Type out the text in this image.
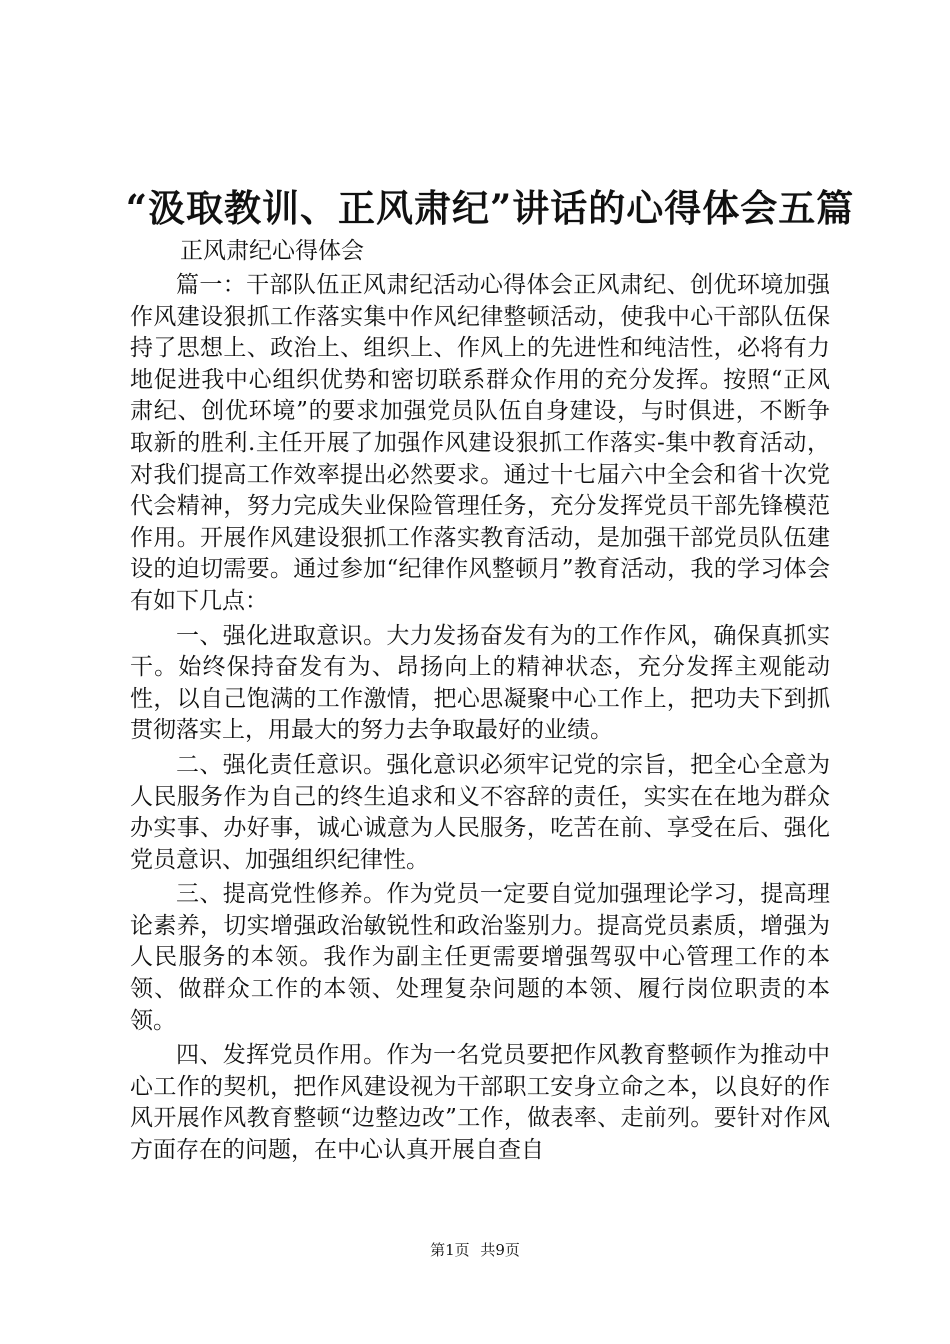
“汲取教训、正风肃纪”讲话的心得体会五篇

正风肃纪心得体会

篇一：干部队伍正风肃纪活动心得体会正风肃纪、创优环境加强作风建设狠抓工作落实集中作风纪律整顿活动，使我中心干部队伍保持了思想上、政治上、组织上、作风上的先进性和纯洁性，必将有力地促进我中心组织优势和密切联系群众作用的充分发挥。按照“正风肃纪、创优环境”的要求加强党员队伍自身建设，与时俱进，不断争取新的胜利.主任开展了加强作风建设狠抓工作落实-集中教育活动，对我们提高工作效率提出必然要求。通过十七届六中全会和省十次党代会精神，努力完成失业保险管理任务，充分发挥党员干部先锋模范作用。开展作风建设狠抓工作落实教育活动，是加强干部党员队伍建设的迫切需要。通过参加“纪律作风整顿月”教育活动，我的学习体会有如下几点：

一、强化进取意识。大力发扬奋发有为的工作作风，确保真抓实干。始终保持奋发有为、昂扬向上的精神状态，充分发挥主观能动性，以自己饱满的工作激情，把心思凝聚中心工作上，把功夫下到抓贯彻落实上，用最大的努力去争取最好的业绩。

二、强化责任意识。强化意识必须牢记党的宗旨，把全心全意为人民服务作为自己的终生追求和义不容辞的责任，实实在在地为群众办实事、办好事，诚心诚意为人民服务，吃苦在前、享受在后、强化党员意识、加强组织纪律性。

三、提高党性修养。作为党员一定要自觉加强理论学习，提高理论素养，切实增强政治敏锐性和政治鉴别力。提高党员素质，增强为人民服务的本领。我作为副主任更需要增强驾驭中心管理工作的本领、做群众工作的本领、处理复杂问题的本领、履行岗位职责的本领。

四、发挥党员作用。作为一名党员要把作风教育整顿作为推动中心工作的契机，把作风建设视为干部职工安身立命之本，以良好的作风开展作风教育整顿“边整边改”工作，做表率、走前列。要针对作风方面存在的问题，在中心认真开展自查自

第1页 共9页
